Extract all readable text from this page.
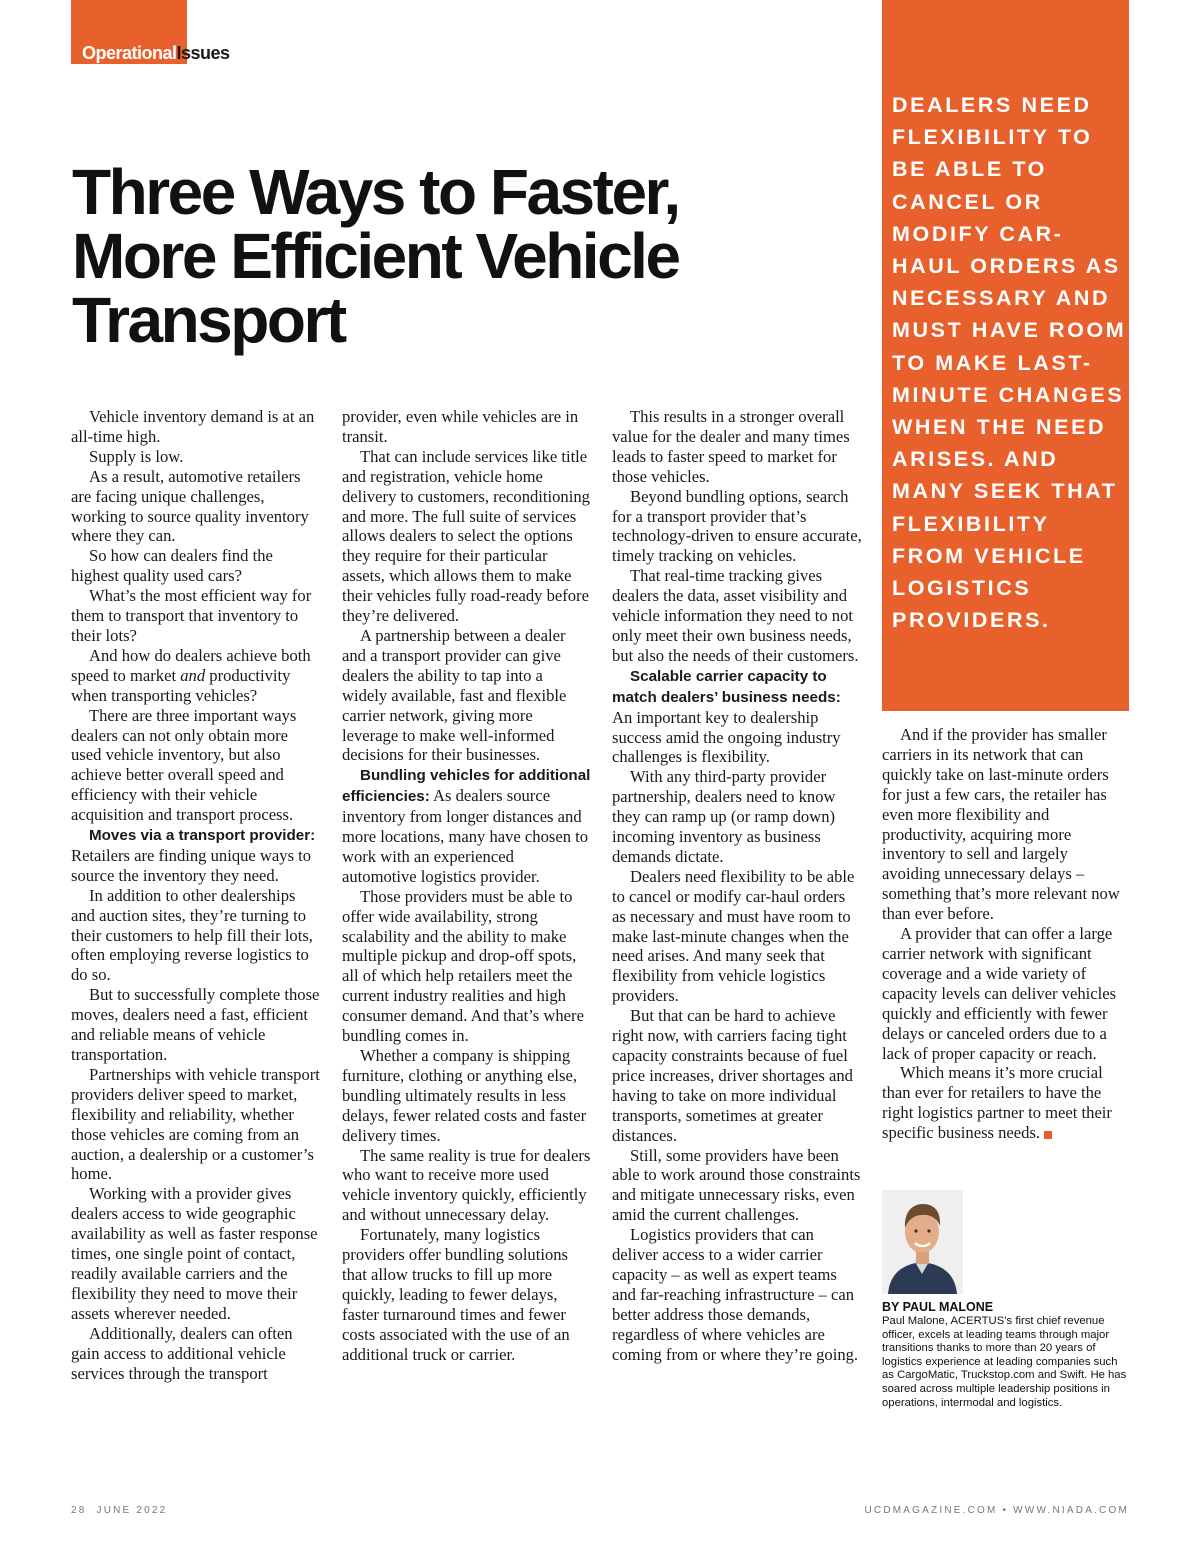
OperationalIssues
Three Ways to Faster,
More Efficient Vehicle
Transport

DEALERS NEED FLEXIBILITY TO BE ABLE TO CANCEL OR MODIFY CAR-HAUL ORDERS AS NECESSARY AND MUST HAVE ROOM TO MAKE LAST-MINUTE CHANGES WHEN THE NEED ARISES. AND MANY SEEK THAT FLEXIBILITY FROM VEHICLE LOGISTICS PROVIDERS.

Vehicle inventory demand is at an all-time high.

Supply is low.

As a result, automotive retailers are facing unique challenges, working to source quality inventory where they can.

So how can dealers find the highest quality used cars?

What’s the most efficient way for them to transport that inventory to their lots?

And how do dealers achieve both speed to market and productivity when transporting vehicles?

There are three important ways dealers can not only obtain more used vehicle inventory, but also achieve better overall speed and efficiency with their vehicle acquisition and transport process.

Moves via a transport provider: Retailers are finding unique ways to source the inventory they need.

In addition to other dealerships and auction sites, they’re turning to their customers to help fill their lots, often employing reverse logistics to do so.

But to successfully complete those moves, dealers need a fast, efficient and reliable means of vehicle transportation.

Partnerships with vehicle transport providers deliver speed to market, flexibility and reliability, whether those vehicles are coming from an auction, a dealership or a customer’s home.

Working with a provider gives dealers access to wide geographic availability as well as faster response times, one single point of contact, readily available carriers and the flexibility they need to move their assets wherever needed.

Additionally, dealers can often gain access to additional vehicle services through the transport

provider, even while vehicles are in transit.

That can include services like title and registration, vehicle home delivery to customers, reconditioning and more. The full suite of services allows dealers to select the options they require for their particular assets, which allows them to make their vehicles fully road-ready before they’re delivered.

A partnership between a dealer and a transport provider can give dealers the ability to tap into a widely available, fast and flexible carrier network, giving more leverage to make well-informed decisions for their businesses.

Bundling vehicles for additional efficiencies: As dealers source inventory from longer distances and more locations, many have chosen to work with an experienced automotive logistics provider.

Those providers must be able to offer wide availability, strong scalability and the ability to make multiple pickup and drop-off spots, all of which help retailers meet the current industry realities and high consumer demand. And that’s where bundling comes in.

Whether a company is shipping furniture, clothing or anything else, bundling ultimately results in less delays, fewer related costs and faster delivery times.

The same reality is true for dealers who want to receive more used vehicle inventory quickly, efficiently and without unnecessary delay.

Fortunately, many logistics providers offer bundling solutions that allow trucks to fill up more quickly, leading to fewer delays, faster turnaround times and fewer costs associated with the use of an additional truck or carrier.

This results in a stronger overall value for the dealer and many times leads to faster speed to market for those vehicles.

Beyond bundling options, search for a transport provider that’s technology-driven to ensure accurate, timely tracking on vehicles.

That real-time tracking gives dealers the data, asset visibility and vehicle information they need to not only meet their own business needs, but also the needs of their customers.

Scalable carrier capacity to match dealers’ business needs: An important key to dealership success amid the ongoing industry challenges is flexibility.

With any third-party provider partnership, dealers need to know they can ramp up (or ramp down) incoming inventory as business demands dictate.

Dealers need flexibility to be able to cancel or modify car-haul orders as necessary and must have room to make last-minute changes when the need arises. And many seek that flexibility from vehicle logistics providers.

But that can be hard to achieve right now, with carriers facing tight capacity constraints because of fuel price increases, driver shortages and having to take on more individual transports, sometimes at greater distances.

Still, some providers have been able to work around those constraints and mitigate unnecessary risks, even amid the current challenges.

Logistics providers that can deliver access to a wider carrier capacity – as well as expert teams and far-reaching infrastructure – can better address those demands, regardless of where vehicles are coming from or where they’re going.

And if the provider has smaller carriers in its network that can quickly take on last-minute orders for just a few cars, the retailer has even more flexibility and productivity, acquiring more inventory to sell and largely avoiding unnecessary delays – something that’s more relevant now than ever before.

A provider that can offer a large carrier network with significant coverage and a wide variety of capacity levels can deliver vehicles quickly and efficiently with fewer delays or canceled orders due to a lack of proper capacity or reach.

Which means it’s more crucial than ever for retailers to have the right logistics partner to meet their specific business needs.

BY PAUL MALONE

Paul Malone, ACERTUS’s first chief revenue officer, excels at leading teams through major transitions thanks to more than 20 years of logistics experience at leading companies such as CargoMatic, Truckstop.com and Swift. He has soared across multiple leadership positions in operations, intermodal and logistics.

28 JUNE 2022	UCDMAGAZINE.COM • WWW.NIADA.COM
